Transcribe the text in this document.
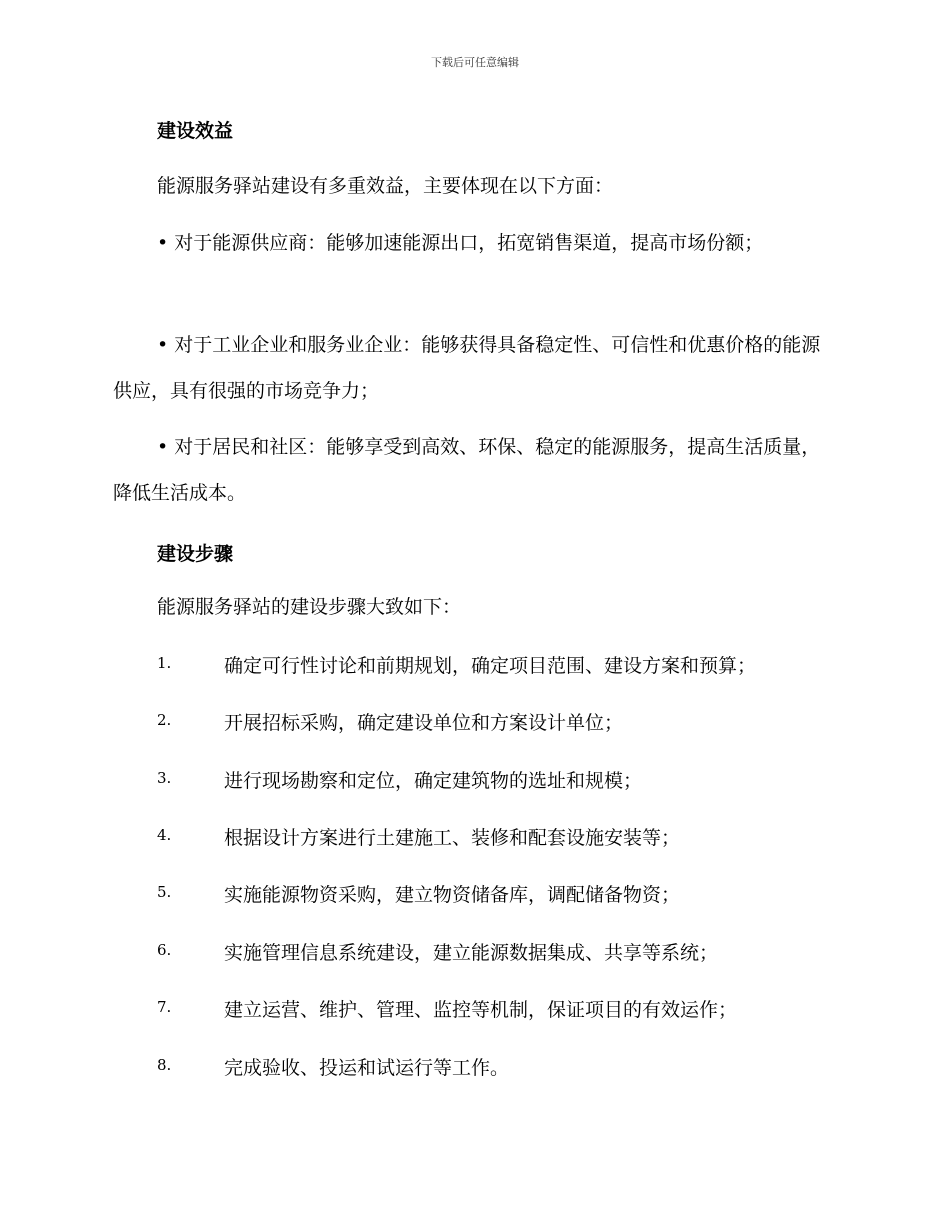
下载后可任意编辑
建设效益

能源服务驿站建设有多重效益，主要体现在以下方面：

• 对于能源供应商：能够加速能源出口，拓宽销售渠道，提高市场份额；

• 对于工业企业和服务业企业：能够获得具备稳定性、可信性和优惠价格的能源供应，具有很强的市场竞争力；

• 对于居民和社区：能够享受到高效、环保、稳定的能源服务，提高生活质量，降低生活成本。

建设步骤

能源服务驿站的建设步骤大致如下：

1.	确定可行性讨论和前期规划，确定项目范围、建设方案和预算；
2.	开展招标采购，确定建设单位和方案设计单位；
3.	进行现场勘察和定位，确定建筑物的选址和规模；
4.	根据设计方案进行土建施工、装修和配套设施安装等；
5.	实施能源物资采购，建立物资储备库，调配储备物资；
6.	实施管理信息系统建设，建立能源数据集成、共享等系统；
7.	建立运营、维护、管理、监控等机制，保证项目的有效运作；
8.	完成验收、投运和试运行等工作。
